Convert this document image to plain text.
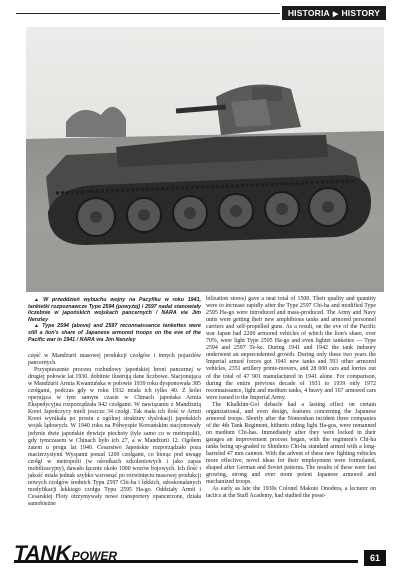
HISTORIA ▶ HISTORY

▲ W przeddzień wybuchu wojny na Pacyfiku w roku 1941, tankietki rozpoznawcze Type 2594 (powyżej) i 2597 nadal stanowiały liczebnie w japońskich wojskach pancernych / NARA via Jim Nenzley

▲ Type 2594 (above) and 2597 reconnaissance tankettes were still a lion's share of Japanese armored troops on the eve of the Pacific war in 1941 / NARA via Jim Nenzley

część w Mandżurii masowej produkcji czołgów i innych pojazdów pancernych.

Przyspieszenie procesu rozbudowy japońskiej broni pancernej w drugiej połowie lat 1930. dobitnie ilustrują dane liczbowe. Stacjonująca w Mandżurii Armia Kwantuńska w połowie 1939 roku dysponowała 385 czołgami, podczas gdy w roku 1932 miała ich tylko 40. Z kolei operująca w tym samym czasie w Chinach japońska Armia Ekspedycyjna rozporządzała 942 czołgami. W nawiązaniu z Mandżurią Korei Japończycy mieli jeszcze 34 czołgi. Tak mała ich ilość w Armii Korei wynikała po prostu z ogólnej struktury dyslokacji japońskich wojsk lądowych. W 1940 roku na Półwyspie Koreańskim stacjonowały jedynie dwie japońskie dywizje piechoty (tyle samo co w metropolii), gdy tymczasem w Chinach było ich 27, a w Mandżurii 12. Ogółem zatem u progu lat 1940. Cesarstwo Japońskie rozporządzało poza macierzystymi Wyspami ponad 1200 czołgami, co biorąc pod uwagę czołgi w metropolii (w ośrodkach szkoleniowych i jako zapas mobilizacyjny), dawało łącznie około 1900 wozów bojowych. Ich ilość i jakość miała jednak szybko wzrosnąć po rozwinięciu masowej produkcji nowych czołgów średnich Typu 2597 Chi-ha i lekkich, udoskonalanych modyfikacji lekkiego czołgu Typu 2595 Ha-go. Oddziały Armii i Cesarskiej Floty otrzymywały nowe transportery opancerzone, działa samobieżne

bilization stores) gave a neat total of 1500. Their quality and quantity were to increase rapidly after the Type 2597 Chi-ha and modified Type 2595 Ha-go were introduced and mass-produced. The Army and Navy units were getting their new amphibious tanks and armored personnel carriers and self-propelled guns. As a result, on the eve of the Pacific war Japan had 2200 armored vehicles of which the lion's share, over 70%, were light Type 2595 Ha-go and even lighter tankettes — Type 2594 and 2597 Te-ke. During 1941 and 1942 the tank industry underwent an unprecedented growth. During only these two years the Imperial armed forces got 1941 new tanks and 593 other armored vehicles, 2351 artillery prime-movers, and 28 000 cars and lorries out of the total of 47 901 manufactured in 1941 alone. For comparison, during the entire previous decade of 1931 to 1939 only 1972 reconnaissance, light and medium tanks, 4 heavy and 167 armored cars were issued to the Imperial Army.

The Khalkhin-Gol debacle had a lasting effect on certain organizational, and even design, features concerning the Japanese armored troops. Shortly after the Nomonhan incident three companies of the 4th Tank Regiment, hitherto riding light Ha-gos, were remanned on medium Chi-has. Immediately after they were locked in their garages an improvement process began, with the regiment's Chi-ha tanks being up-graded to Shinhoto Chi-ha standard armed with a long-barreled 47 mm cannon. With the advent of these new fighting vehicles more effective, novel ideas for their employment were formulated, shaped after German and Soviet patterns. The results of these were fast growing, strong and ever more potent Japanese armored and mechanized troops.

As early as late the 1930s Colonel Makoto Onodera, a lecturer on tactics at the Staff Academy, had studied the possi-

TANKPOWER	61
